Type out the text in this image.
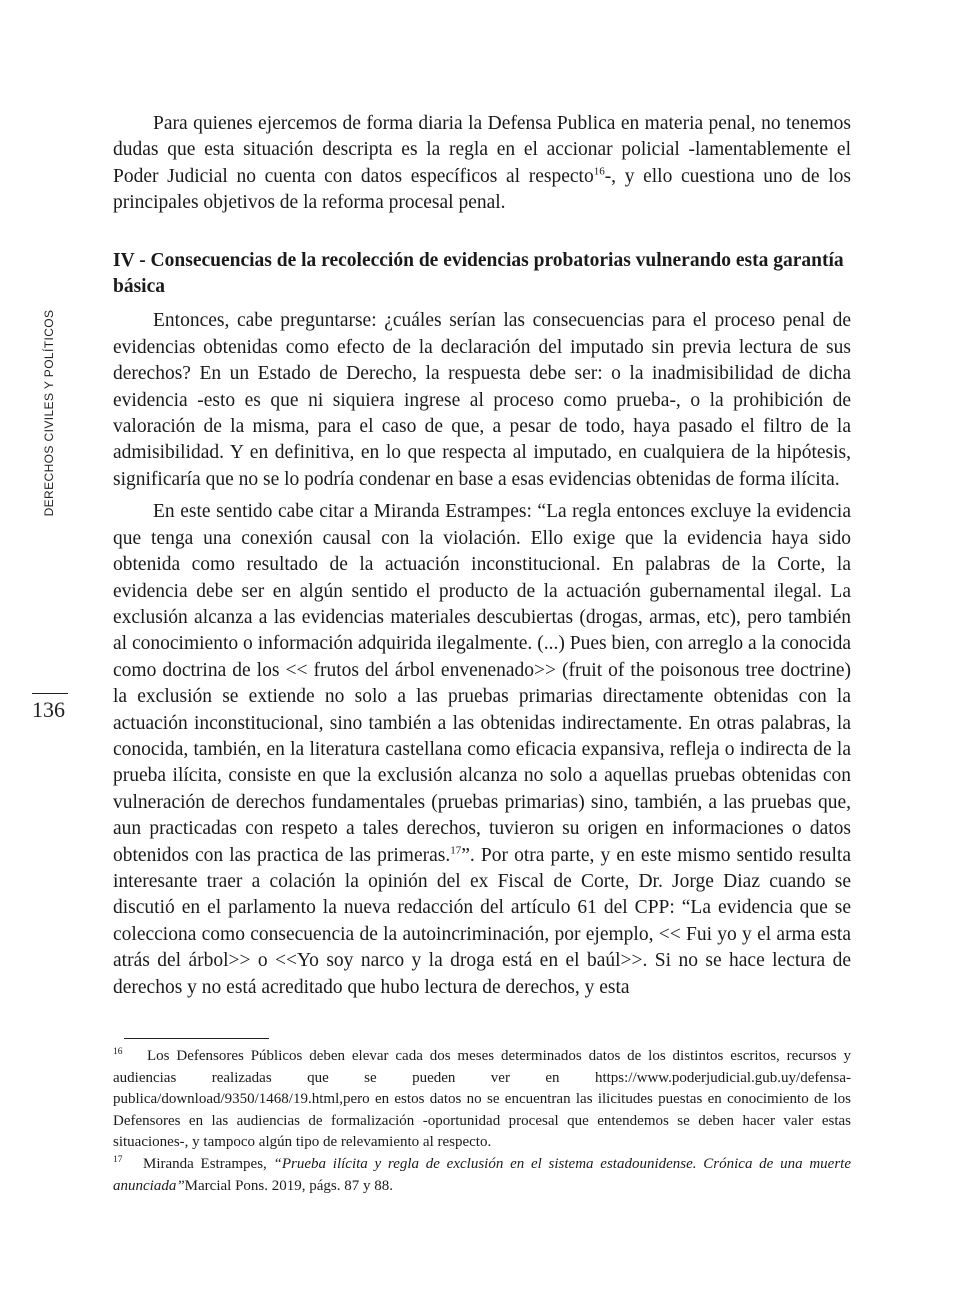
DERECHOS CIVILES Y POLÍTICOS
136

Para quienes ejercemos de forma diaria la Defensa Publica en materia penal, no tenemos dudas que esta situación descripta es la regla en el accionar policial -lamentablemente el Poder Judicial no cuenta con datos específicos al respecto$^{16}$-, y ello cuestiona uno de los principales objetivos de la reforma procesal penal.

IV - Consecuencias de la recolección de evidencias probatorias vulnerando esta garantía básica

Entonces, cabe preguntarse: ¿cuáles serían las consecuencias para el proceso penal de evidencias obtenidas como efecto de la declaración del imputado sin previa lectura de sus derechos? En un Estado de Derecho, la respuesta debe ser: o la inadmisibilidad de dicha evidencia -esto es que ni siquiera ingrese al proceso como prueba-, o la prohibición de valoración de la misma, para el caso de que, a pesar de todo, haya pasado el filtro de la admisibilidad. Y en definitiva, en lo que respecta al imputado, en cualquiera de la hipótesis, significaría que no se lo podría condenar en base a esas evidencias obtenidas de forma ilícita.

En este sentido cabe citar a Miranda Estrampes: “La regla entonces excluye la evidencia que tenga una conexión causal con la violación. Ello exige que la evidencia haya sido obtenida como resultado de la actuación inconstitucional. En palabras de la Corte, la evidencia debe ser en algún sentido el producto de la actuación gubernamental ilegal. La exclusión alcanza a las evidencias materiales descubiertas (drogas, armas, etc), pero también al conocimiento o información adquirida ilegalmente. (...) Pues bien, con arreglo a la conocida como doctrina de los << frutos del árbol envenenado>> (fruit of the poisonous tree doctrine) la exclusión se extiende no solo a las pruebas primarias directamente obtenidas con la actuación inconstitucional, sino también a las obtenidas indirectamente. En otras palabras, la conocida, también, en la literatura castellana como eficacia expansiva, refleja o indirecta de la prueba ilícita, consiste en que la exclusión alcanza no solo a aquellas pruebas obtenidas con vulneración de derechos fundamentales (pruebas primarias) sino, también, a las pruebas que, aun practicadas con respeto a tales derechos, tuvieron su origen en informaciones o datos obtenidos con las practica de las primeras.$^{17}$”. Por otra parte, y en este mismo sentido resulta interesante traer a colación la opinión del ex Fiscal de Corte, Dr. Jorge Diaz cuando se discutió en el parlamento la nueva redacción del artículo 61 del CPP: “La evidencia que se colecciona como consecuencia de la autoincriminación, por ejemplo, << Fui yo y el arma esta atrás del árbol>> o <<Yo soy narco y la droga está en el baúl>>. Si no se hace lectura de derechos y no está acreditado que hubo lectura de derechos, y esta

16 Los Defensores Públicos deben elevar cada dos meses determinados datos de los distintos escritos, recursos y audiencias realizadas que se pueden ver en https://www.poderjudicial.gub.uy/defensa-publica/download/9350/1468/19.html,pero en estos datos no se encuentran las ilicitudes puestas en conocimiento de los Defensores en las audiencias de formalización -oportunidad procesal que entendemos se deben hacer valer estas situaciones-, y tampoco algún tipo de relevamiento al respecto.

17 Miranda Estrampes, “Prueba ilícita y regla de exclusión en el sistema estadounidense. Crónica de una muerte anunciada”Marcial Pons. 2019, págs. 87 y 88.
